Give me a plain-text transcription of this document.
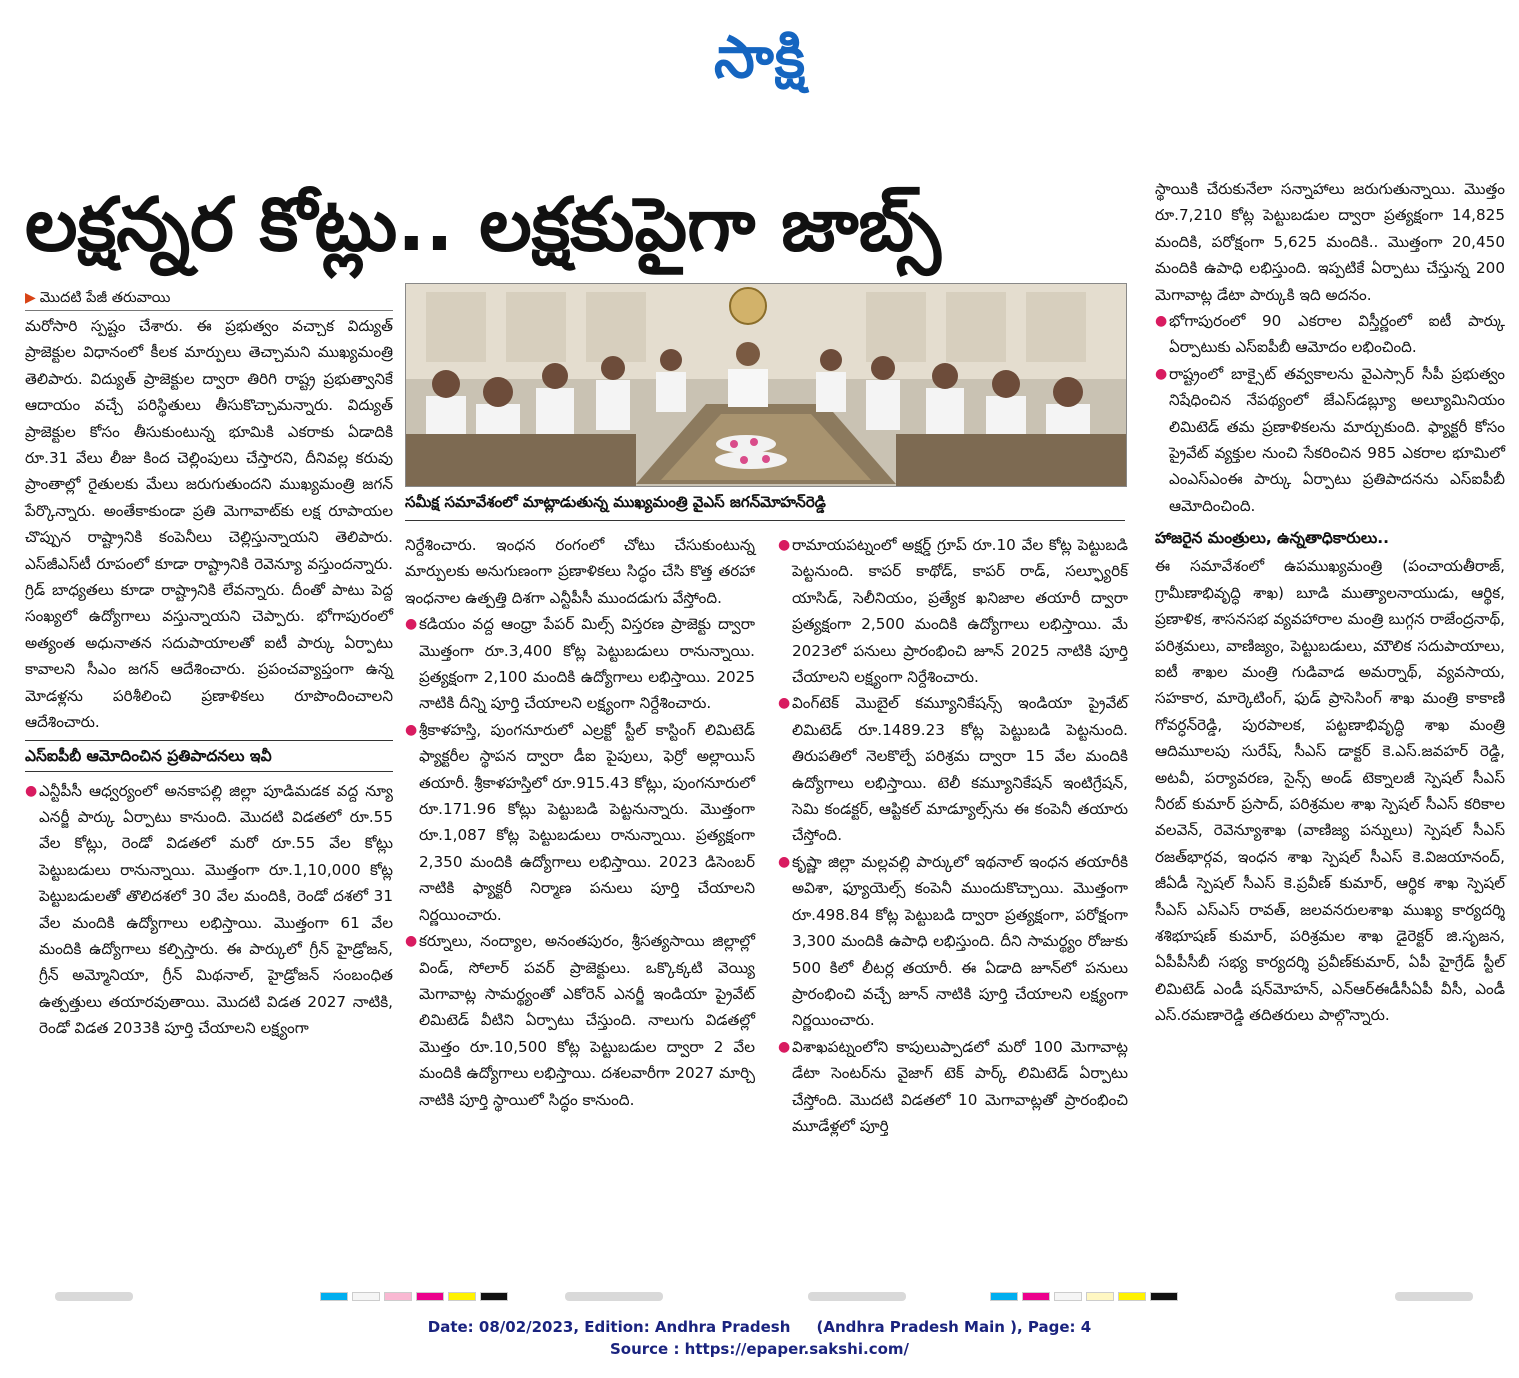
సాక్షి
లక్షన్నర కోట్లు.. లక్షకుపైగా జాబ్స్
▶ మొదటి పేజీ తరువాయి

మరోసారి స్పష్టం చేశారు. ఈ ప్రభుత్వం వచ్చాక విద్యుత్ ప్రాజెక్టుల విధానంలో కీలక మార్పులు తెచ్చామని ముఖ్యమంత్రి తెలిపారు. విద్యుత్ ప్రాజెక్టుల ద్వారా తిరిగి రాష్ట్ర ప్రభుత్వానికే ఆదాయం వచ్చే పరిస్థితులు తీసుకొచ్చామన్నారు. విద్యుత్ ప్రాజెక్టుల కోసం తీసుకుంటున్న భూమికి ఎకరాకు ఏడాదికి రూ.31 వేలు లీజు కింద చెల్లింపులు చేస్తారని, దీనివల్ల కరువు ప్రాంతాల్లో రైతులకు మేలు జరుగుతుందని ముఖ్యమంత్రి జగన్ పేర్కొన్నారు. అంతేకాకుండా ప్రతి మెగావాట్‌కు లక్ష రూపాయల చొప్పున రాష్ట్రానికి కంపెనీలు చెల్లిస్తున్నాయని తెలిపారు. ఎస్‌జీఎస్‌టీ రూపంలో కూడా రాష్ట్రానికి రెవెన్యూ వస్తుందన్నారు. గ్రిడ్ బాధ్యతలు కూడా రాష్ట్రానికి లేవన్నారు. దీంతో పాటు పెద్ద సంఖ్యలో ఉద్యోగాలు వస్తున్నాయని చెప్పారు. భోగాపురంలో అత్యంత అధునాతన సదుపాయాలతో ఐటీ పార్కు ఏర్పాటు కావాలని సీఎం జగన్ ఆదేశించారు. ప్రపంచవ్యాప్తంగా ఉన్న మోడళ్లను పరిశీలించి ప్రణాళికలు రూపొందించాలని ఆదేశించారు.

ఎస్‌ఐపీబీ ఆమోదించిన ప్రతిపాదనలు ఇవీ
● ఎన్టీపీసీ ఆధ్వర్యంలో అనకాపల్లి జిల్లా పూడిమడక వద్ద న్యూ ఎనర్జీ పార్కు ఏర్పాటు కానుంది. మొదటి విడతలో రూ.55 వేల కోట్లు, రెండో విడతలో మరో రూ.55 వేల కోట్లు పెట్టుబడులు రానున్నాయి. మొత్తంగా రూ.1,10,000 కోట్ల పెట్టుబడులతో తొలిదశలో 30 వేల మందికి, రెండో దశలో 31 వేల మందికి ఉద్యోగాలు లభిస్తాయి. మొత్తంగా 61 వేల మందికి ఉద్యోగాలు కల్పిస్తారు. ఈ పార్కులో గ్రీన్ హైడ్రోజన్, గ్రీన్ అమ్మోనియా, గ్రీన్ మిథనాల్, హైడ్రోజన్ సంబంధిత ఉత్పత్తులు తయారవుతాయి. మొదటి విడత 2027 నాటికి, రెండో విడత 2033కి పూర్తి చేయాలని లక్ష్యంగా
సమీక్ష సమావేశంలో మాట్లాడుతున్న ముఖ్యమంత్రి వైఎస్ జగన్‌మోహన్‌రెడ్డి

నిర్దేశించారు. ఇంధన రంగంలో చోటు చేసుకుంటున్న మార్పులకు అనుగుణంగా ప్రణాళికలు సిద్ధం చేసి కొత్త తరహా ఇంధనాల ఉత్పత్తి దిశగా ఎన్టీపీసీ ముందడుగు వేస్తోంది.

● కడియం వద్ద ఆంధ్రా పేపర్ మిల్స్ విస్తరణ ప్రాజెక్టు ద్వారా మొత్తంగా రూ.3,400 కోట్ల పెట్టుబడులు రానున్నాయి. ప్రత్యక్షంగా 2,100 మందికి ఉద్యోగాలు లభిస్తాయి. 2025 నాటికి దీన్ని పూర్తి చేయాలని లక్ష్యంగా నిర్దేశించారు.
● శ్రీకాళహస్తి, పుంగనూరులో ఎల్రక్టో స్టీల్ కాస్టింగ్ లిమిటెడ్ ఫ్యాక్టరీల స్థాపన ద్వారా డీఐ పైపులు, ఫెర్రో అల్లాయిస్ తయారీ. శ్రీకాళహస్తిలో రూ.915.43 కోట్లు, పుంగనూరులో రూ.171.96 కోట్లు పెట్టుబడి పెట్టనున్నారు. మొత్తంగా రూ.1,087 కోట్ల పెట్టుబడులు రానున్నాయి. ప్రత్యక్షంగా 2,350 మందికి ఉద్యోగాలు లభిస్తాయి. 2023 డిసెంబర్ నాటికి ఫ్యాక్టరీ నిర్మాణ పనులు పూర్తి చేయాలని నిర్ణయించారు.
● కర్నూలు, నంద్యాల, అనంతపురం, శ్రీసత్యసాయి జిల్లాల్లో విండ్, సోలార్ పవర్ ప్రాజెక్టులు. ఒక్కొక్కటి వెయ్యి మెగావాట్ల సామర్థ్యంతో ఎకోరెన్ ఎనర్జీ ఇండియా ప్రైవేట్ లిమిటెడ్ వీటిని ఏర్పాటు చేస్తుంది. నాలుగు విడతల్లో మొత్తం రూ.10,500 కోట్ల పెట్టుబడుల ద్వారా 2 వేల మందికి ఉద్యోగాలు లభిస్తాయి. దశలవారీగా 2027 మార్చి నాటికి పూర్తి స్థాయిలో సిద్ధం కానుంది.
● రామాయపట్నంలో అక్షర్డ్ గ్రూప్ రూ.10 వేల కోట్ల పెట్టుబడి పెట్టనుంది. కాపర్ కాథోడ్, కాపర్ రాడ్, సల్ఫ్యూరిక్ యాసిడ్, సెలీనియం, ప్రత్యేక ఖనిజాల తయారీ ద్వారా ప్రత్యక్షంగా 2,500 మందికి ఉద్యోగాలు లభిస్తాయి. మే 2023లో పనులు ప్రారంభించి జూన్ 2025 నాటికి పూర్తి చేయాలని లక్ష్యంగా నిర్దేశించారు.
● వింగ్‌టెక్ మొబైల్ కమ్యూనికేషన్స్ ఇండియా ప్రైవేట్ లిమిటెడ్ రూ.1489.23 కోట్ల పెట్టుబడి పెట్టనుంది. తిరుపతిలో నెలకొల్పే పరిశ్రమ ద్వారా 15 వేల మందికి ఉద్యోగాలు లభిస్తాయి. టెలీ కమ్యూనికేషన్ ఇంటిగ్రేషన్, సెమి కండక్టర్, ఆప్టికల్ మాడ్యూల్స్‌ను ఈ కంపెనీ తయారు చేస్తోంది.
● కృష్ణా జిల్లా మల్లవల్లి పార్కులో ఇథనాల్ ఇంధన తయారీకి అవిశా, ఫ్యూయెల్స్ కంపెనీ ముందుకొచ్చాయి. మొత్తంగా రూ.498.84 కోట్ల పెట్టుబడి ద్వారా ప్రత్యక్షంగా, పరోక్షంగా 3,300 మందికి ఉపాధి లభిస్తుంది. దీని సామర్థ్యం రోజుకు 500 కిలో లీటర్ల తయారీ. ఈ ఏడాది జూన్‌లో పనులు ప్రారంభించి వచ్చే జూన్ నాటికి పూర్తి చేయాలని లక్ష్యంగా నిర్ణయించారు.
● విశాఖపట్నంలోని కాపులుప్పాడలో మరో 100 మెగావాట్ల డేటా సెంటర్‌ను వైజాగ్ టెక్ పార్క్ లిమిటెడ్ ఏర్పాటు చేస్తోంది. మొదటి విడతలో 10 మెగావాట్లతో ప్రారంభించి మూడేళ్లలో పూర్తి

స్థాయికి చేరుకునేలా సన్నాహాలు జరుగుతున్నాయి. మొత్తం రూ.7,210 కోట్ల పెట్టుబడుల ద్వారా ప్రత్యక్షంగా 14,825 మందికి, పరోక్షంగా 5,625 మందికి.. మొత్తంగా 20,450 మందికి ఉపాధి లభిస్తుంది. ఇప్పటికే ఏర్పాటు చేస్తున్న 200 మెగావాట్ల డేటా పార్కుకి ఇది అదనం.

● భోగాపురంలో 90 ఎకరాల విస్తీర్ణంలో ఐటీ పార్కు ఏర్పాటుకు ఎస్‌ఐపీబీ ఆమోదం లభించింది.
● రాష్ట్రంలో బాక్సైట్ తవ్వకాలను వైఎస్సార్ సీపీ ప్రభుత్వం నిషేధించిన నేపథ్యంలో జేఎస్‌డబ్ల్యూ అల్యూమినియం లిమిటెడ్ తమ ప్రణాళికలను మార్చుకుంది. ఫ్యాక్టరీ కోసం ప్రైవేట్ వ్యక్తుల నుంచి సేకరించిన 985 ఎకరాల భూమిలో ఎంఎస్‌ఎంఈ పార్కు ఏర్పాటు ప్రతిపాదనను ఎస్‌ఐపీబీ ఆమోదించింది.
హాజరైన మంత్రులు, ఉన్నతాధికారులు..

ఈ సమావేశంలో ఉపముఖ్యమంత్రి (పంచాయతీరాజ్, గ్రామీణాభివృద్ధి శాఖ) బూడి ముత్యాలనాయుడు, ఆర్థిక, ప్రణాళిక, శాసనసభ వ్యవహారాల మంత్రి బుగ్గన రాజేంద్రనాథ్, పరిశ్రమలు, వాణిజ్యం, పెట్టుబడులు, మౌలిక సదుపాయాలు, ఐటీ శాఖల మంత్రి గుడివాడ అమర్నాథ్, వ్యవసాయ, సహకార, మార్కెటింగ్, ఫుడ్ ప్రాసెసింగ్ శాఖ మంత్రి కాకాణి గోవర్ధన్‌రెడ్డి, పురపాలక, పట్టణాభివృద్ధి శాఖ మంత్రి ఆదిమూలపు సురేష్, సీఎస్ డాక్టర్ కె.ఎస్.జవహర్ రెడ్డి, అటవీ, పర్యావరణ, సైన్స్ అండ్ టెక్నాలజీ స్పెషల్ సీఎస్ నీరబ్ కుమార్ ప్రసాద్, పరిశ్రమల శాఖ స్పెషల్ సీఎస్ కరికాల వలవెన్, రెవెన్యూశాఖ (వాణిజ్య పన్నులు) స్పెషల్ సీఎస్ రజత్‌భార్గవ, ఇంధన శాఖ స్పెషల్ సీఎస్ కె.విజయానంద్, జీఏడీ స్పెషల్ సీఎస్ కె.ప్రవీణ్ కుమార్, ఆర్థిక శాఖ స్పెషల్ సీఎస్ ఎస్ఎస్ రావత్, జలవనరులశాఖ ముఖ్య కార్యదర్శి శశిభూషణ్ కుమార్, పరిశ్రమల శాఖ డైరెక్టర్ జి.సృజన, ఏపీపీసీబీ సభ్య కార్యదర్శి ప్రవీణ్‌కుమార్, ఏపీ హైగ్రేడ్ స్టీల్ లిమిటెడ్ ఎండీ షన్‌మోహన్, ఎన్ఆర్ఈడీసీఏపీ వీసీ, ఎండీ ఎస్.రమణారెడ్డి తదితరులు పాల్గొన్నారు.

Date: 08/02/2023, Edition: Andhra Pradesh     (Andhra Pradesh Main ), Page: 4
Source : https://epaper.sakshi.com/
